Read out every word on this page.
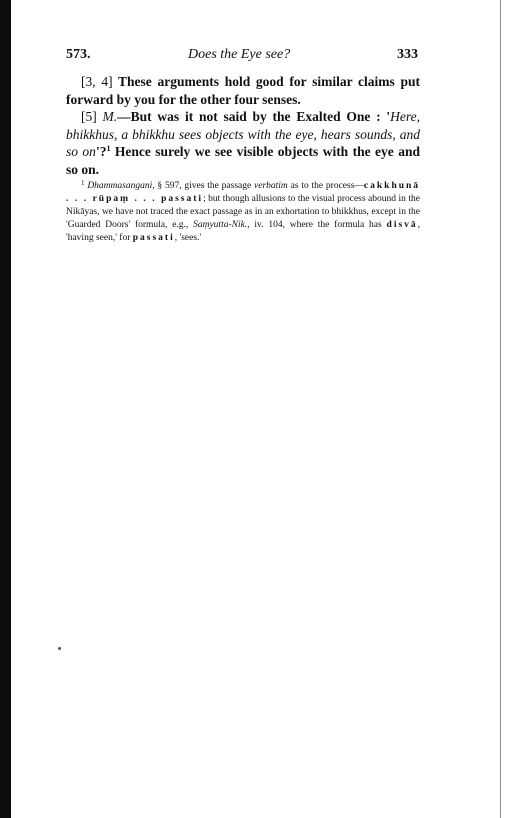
573.	Does the Eye see?	333

[3, 4] These arguments hold good for similar claims put forward by you for the other four senses.

[5] M.—But was it not said by the Exalted One : 'Here, bhikkhus, a bhikkhu sees objects with the eye, hears sounds, and so on'?$^1$ Hence surely we see visible objects with the eye and so on.

$^1$ Dhammasangani, § 597, gives the passage verbatim as to the process—cakkhunā . . . rūpaṃ . . . passati; but though allusions to the visual process abound in the Nikāyas, we have not traced the exact passage as in an exhortation to bhikkhus, except in the 'Guarded Doors' formula, e.g., Saṃyutta-Nik., iv. 104, where the formula has disvā, 'having seen,' for passati, 'sees.'
